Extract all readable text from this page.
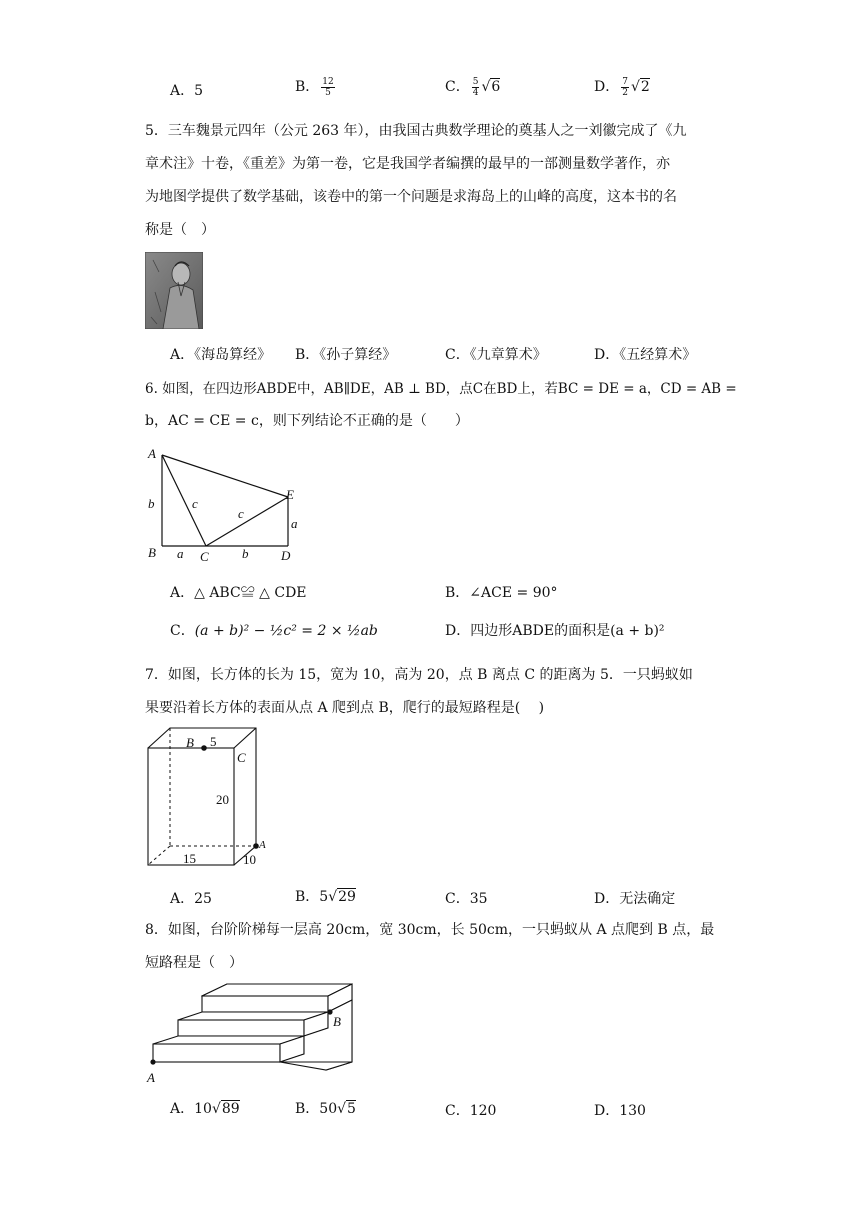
A．5	B． $\frac{12}{5}$	C． $\frac{5}{4} √6$	D． $\frac{7}{2} √2$
5．三车魏景元四年（公元 263 年），由我国古典数学理论的奠基人之一刘徽完成了《九
章术注》十卷，《重差》为第一卷，它是我国学者编撰的最早的一部测量数学著作，亦
为地图学提供了数学基础，该卷中的第一个问题是求海岛上的山峰的高度，这本书的名
称是（　）
A．《海岛算经》 B．《孙子算经》	C．《九章算术》	D．《五经算术》
6. 如图，在四边形ABDE中，AB∥DE，AB ⊥ BD，点C在BD上，若BC = DE = a，CD = AB =
b，AC = CE = c，则下列结论不正确的是（　　）
A
B	C	D
E
b
a	b
a
c
c
A．△ ABC≌ △ CDE	B．∠ACE = 90°
C．(a + b)² − ½c² = 2 × ½ab	D．四边形ABDE的面积是(a + b)²
7．如图，长方体的长为 15，宽为 10，高为 20，点 B 离点 C 的距离为 5．一只蚂蚁如
果要沿着长方体的表面从点 A 爬到点 B，爬行的最短路程是(　 )
B 5
C
20
A
15	10
A．25	B．5√29	C．35	D．无法确定
8．如图，台阶阶梯每一层高 20cm，宽 30cm，长 50cm，一只蚂蚁从 A 点爬到 B 点，最
短路程是（　）
A
B
A．10√89	B．50√5	C．120	D．130
